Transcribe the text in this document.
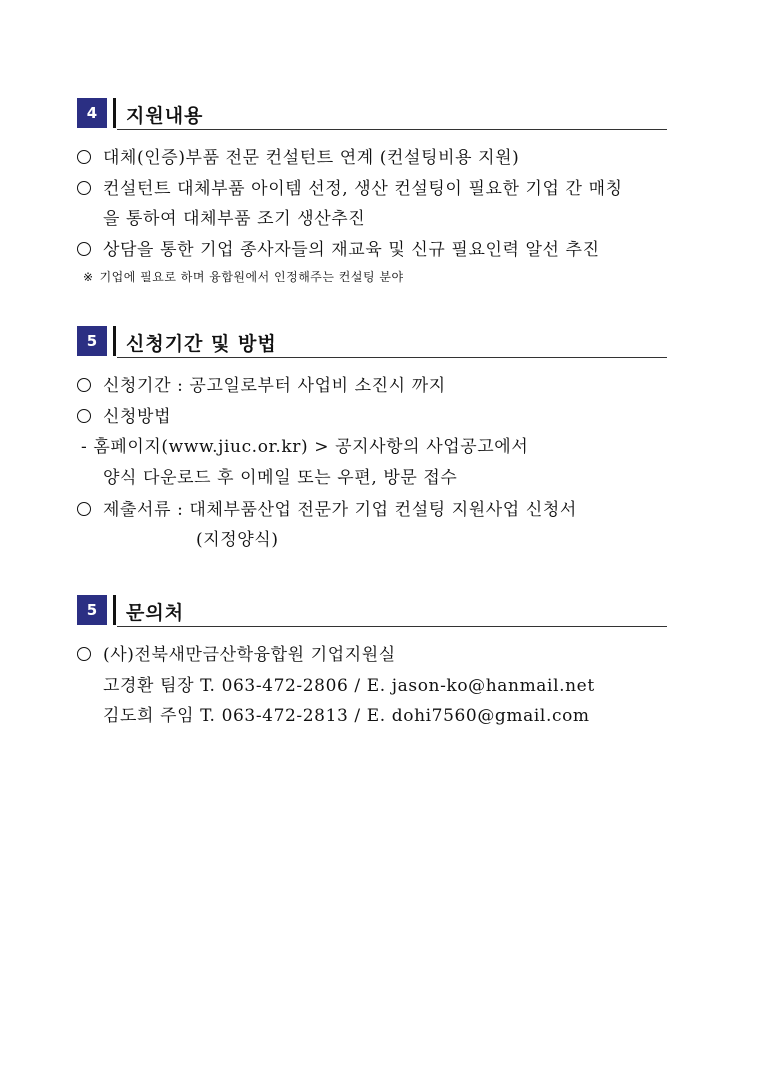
4	지원내용
대체(인증)부품 전문 컨설턴트 연계 (컨설팅비용 지원)
컨설턴트 대체부품 아이템 선정, 생산 컨설팅이 필요한 기업 간 매칭
을 통하여 대체부품 조기 생산추진
상담을 통한 기업 종사자들의 재교육 및 신규 필요인력 알선 추진
※ 기업에 필요로 하며 융합원에서 인정해주는 컨설팅 분야
5	신청기간 및 방법
신청기간 : 공고일로부터 사업비 소진시 까지
신청방법
- 홈페이지(www.jiuc.or.kr) > 공지사항의 사업공고에서
양식 다운로드 후 이메일 또는 우편, 방문 접수
제출서류 : 대체부품산업 전문가 기업 컨설팅 지원사업 신청서
(지정양식)
5	문의처
(사)전북새만금산학융합원 기업지원실
고경환 팀장 T. 063-472-2806 / E. jason-ko@hanmail.net
김도희 주임 T. 063-472-2813 / E. dohi7560@gmail.com
